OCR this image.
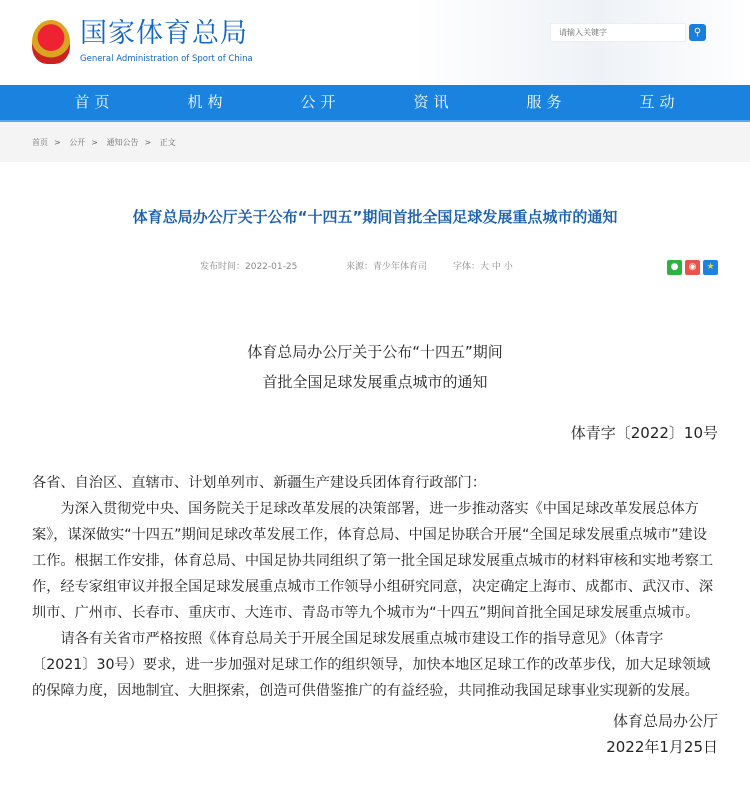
国家体育总局
General Administration of Sport of China
请输入关键字	⚲
首页	机构	公开	资讯	服务	互动
首页 > 公开 > 通知公告 > 正文
体育总局办公厅关于公布“十四五”期间首批全国足球发展重点城市的通知
发布时间：2022-01-25	来源：青少年体育司	字体：大 中 小	●	◉	★
体育总局办公厅关于公布“十四五”期间
首批全国足球发展重点城市的通知
体青字〔2022〕10号

各省、自治区、直辖市、计划单列市、新疆生产建设兵团体育行政部门：

为深入贯彻党中央、国务院关于足球改革发展的决策部署，进一步推动落实《中国足球改革发展总体方案》，谋深做实“十四五”期间足球改革发展工作，体育总局、中国足协联合开展“全国足球发展重点城市”建设工作。根据工作安排，体育总局、中国足协共同组织了第一批全国足球发展重点城市的材料审核和实地考察工作，经专家组审议并报全国足球发展重点城市工作领导小组研究同意，决定确定上海市、成都市、武汉市、深圳市、广州市、长春市、重庆市、大连市、青岛市等九个城市为“十四五”期间首批全国足球发展重点城市。

请各有关省市严格按照《体育总局关于开展全国足球发展重点城市建设工作的指导意见》（体青字〔2021〕30号）要求，进一步加强对足球工作的组织领导，加快本地区足球工作的改革步伐，加大足球领域的保障力度，因地制宜、大胆探索，创造可供借鉴推广的有益经验，共同推动我国足球事业实现新的发展。

体育总局办公厅
2022年1月25日
